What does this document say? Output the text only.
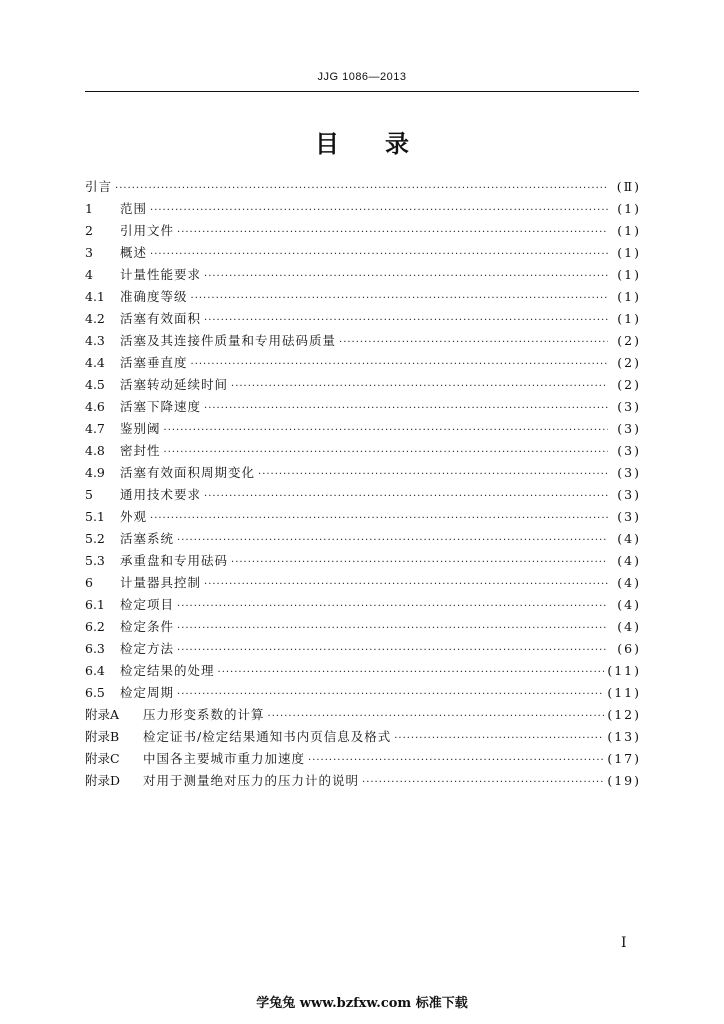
JJG 1086—2013
目录
引言 ·····	(Ⅱ)
1	范围 ·····	(1)
2	引用文件 ·····	(1)
3	概述 ·····	(1)
4	计量性能要求 ·····	(1)
4.1	准确度等级 ·····	(1)
4.2	活塞有效面积 ·····	(1)
4.3	活塞及其连接件质量和专用砝码质量 ·····	(2)
4.4	活塞垂直度 ·····	(2)
4.5	活塞转动延续时间 ·····	(2)
4.6	活塞下降速度 ·····	(3)
4.7	鉴别阈 ·····	(3)
4.8	密封性 ·····	(3)
4.9	活塞有效面积周期变化 ·····	(3)
5	通用技术要求 ·····	(3)
5.1	外观 ·····	(3)
5.2	活塞系统 ·····	(4)
5.3	承重盘和专用砝码 ·····	(4)
6	计量器具控制 ·····	(4)
6.1	检定项目 ·····	(4)
6.2	检定条件 ·····	(4)
6.3	检定方法 ·····	(6)
6.4	检定结果的处理 ·····	(11)
6.5	检定周期 ·····	(11)
附录A	压力形变系数的计算 ·····	(12)
附录B	检定证书/检定结果通知书内页信息及格式 ·····	(13)
附录C	中国各主要城市重力加速度 ·····	(17)
附录D	对用于测量绝对压力的压力计的说明 ·····	(19)
I
学兔兔 www.bzfxw.com 标准下载
